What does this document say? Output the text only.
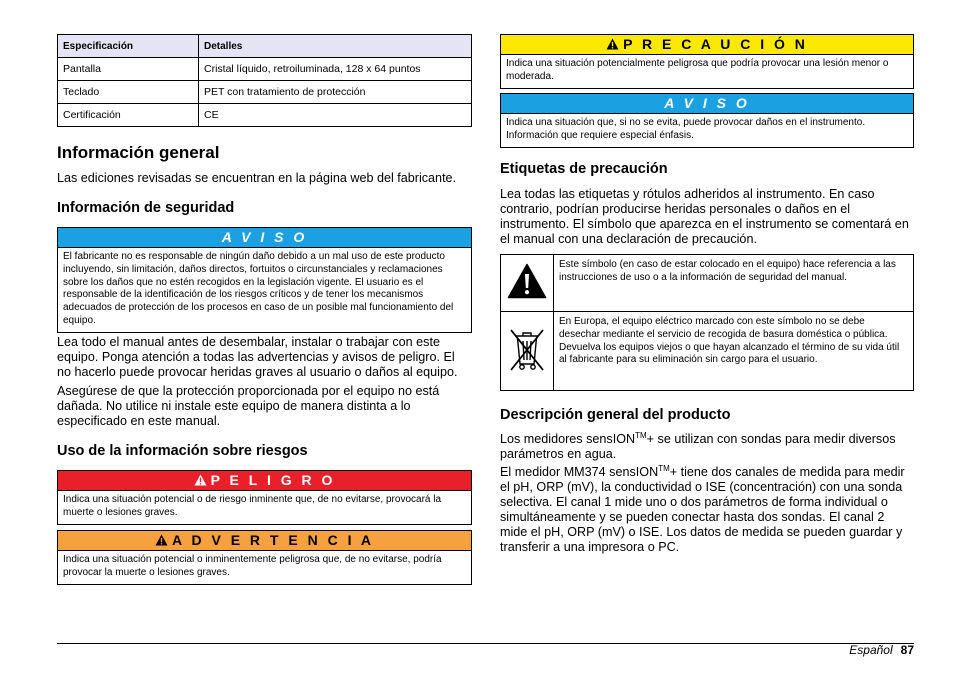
Especificación	Detalles
Pantalla	Cristal líquido, retroiluminada, 128 x 64 puntos
Teclado	PET con tratamiento de protección
Certificación	CE
Información general

Las ediciones revisadas se encuentran en la página web del fabricante.

Información de seguridad
A V I S O
El fabricante no es responsable de ningún daño debido a un mal uso de este producto incluyendo, sin limitación, daños directos, fortuitos o circunstanciales y reclamaciones sobre los daños que no estén recogidos en la legislación vigente. El usuario es el responsable de la identificación de los riesgos críticos y de tener los mecanismos adecuados de protección de los procesos en caso de un posible mal funcionamiento del equipo.

Lea todo el manual antes de desembalar, instalar o trabajar con este equipo. Ponga atención a todas las advertencias y avisos de peligro. El no hacerlo puede provocar heridas graves al usuario o daños al equipo.

Asegúrese de que la protección proporcionada por el equipo no está dañada. No utilice ni instale este equipo de manera distinta a lo especificado en este manual.

Uso de la información sobre riesgos
P E L I G R O
Indica una situación potencial o de riesgo inminente que, de no evitarse, provocará la muerte o lesiones graves.
A D V E R T E N C I A
Indica una situación potencial o inminentemente peligrosa que, de no evitarse, podría provocar la muerte o lesiones graves.
P R E C A U C I Ó N
Indica una situación potencialmente peligrosa que podría provocar una lesión menor o moderada.
A V I S O
Indica una situación que, si no se evita, puede provocar daños en el instrumento. Información que requiere especial énfasis.
Etiquetas de precaución

Lea todas las etiquetas y rótulos adheridos al instrumento. En caso contrario, podrían producirse heridas personales o daños en el instrumento. El símbolo que aparezca en el instrumento se comentará en el manual con una declaración de precaución.

	Este símbolo (en caso de estar colocado en el equipo) hace referencia a las instrucciones de uso o a la información de seguridad del manual.
	En Europa, el equipo eléctrico marcado con este símbolo no se debe desechar mediante el servicio de recogida de basura doméstica o pública. Devuelva los equipos viejos o que hayan alcanzado el término de su vida útil al fabricante para su eliminación sin cargo para el usuario.
Descripción general del producto

Los medidores sensION™+ se utilizan con sondas para medir diversos parámetros en agua.

El medidor MM374 sensION™+ tiene dos canales de medida para medir el pH, ORP (mV), la conductividad o ISE (concentración) con una sonda selectiva. El canal 1 mide uno o dos parámetros de forma individual o simultáneamente y se pueden conectar hasta dos sondas. El canal 2 mide el pH, ORP (mV) o ISE. Los datos de medida se pueden guardar y transferir a una impresora o PC.

Español 87
